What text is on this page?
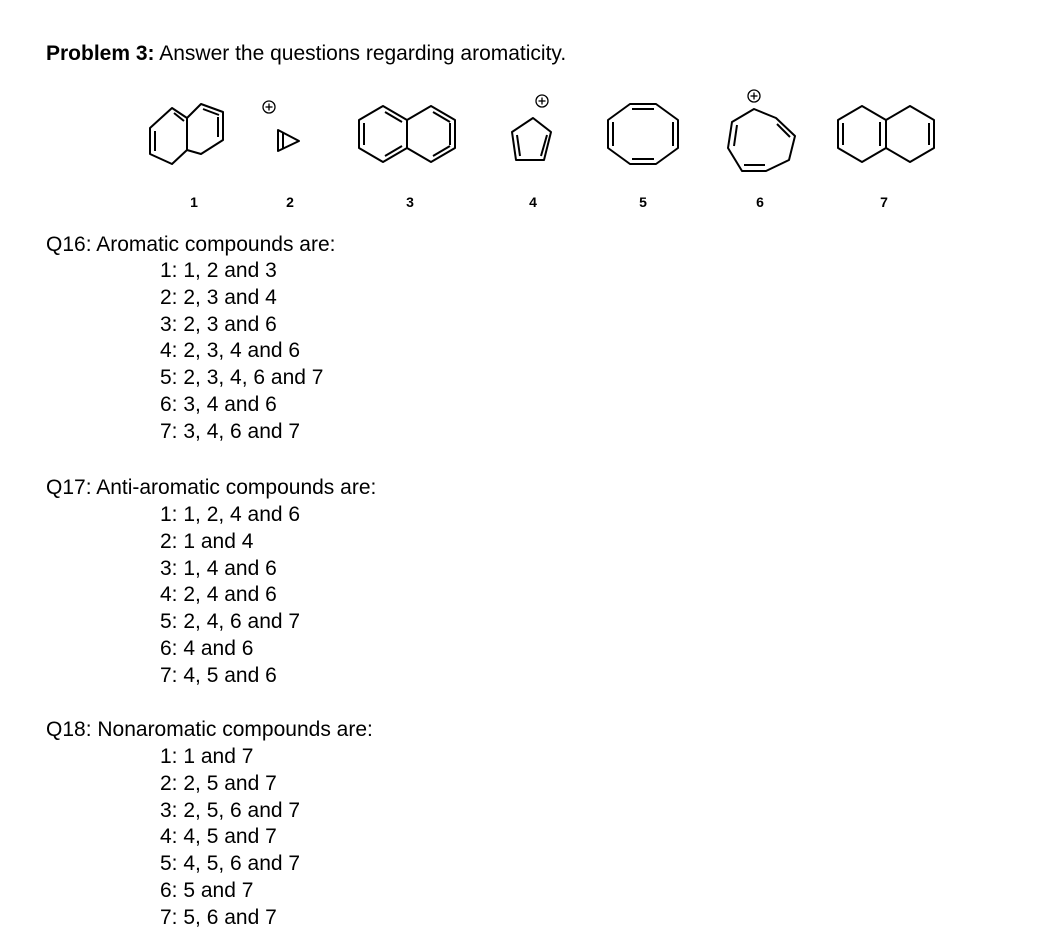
Problem 3: Answer the questions regarding aromaticity.
1	2	3	4	5	6	7
Q16: Aromatic compounds are:
1: 1, 2 and 3
2: 2, 3 and 4
3: 2, 3 and 6
4: 2, 3, 4 and 6
5: 2, 3, 4, 6 and 7
6: 3, 4 and 6
7: 3, 4, 6 and 7
Q17: Anti-aromatic compounds are:
1: 1, 2, 4 and 6
2: 1 and 4
3: 1, 4 and 6
4: 2, 4 and 6
5: 2, 4, 6 and 7
6: 4 and 6
7: 4, 5 and 6
Q18: Nonaromatic compounds are:
1: 1 and 7
2: 2, 5 and 7
3: 2, 5, 6 and 7
4: 4, 5 and 7
5: 4, 5, 6 and 7
6: 5 and 7
7: 5, 6 and 7
